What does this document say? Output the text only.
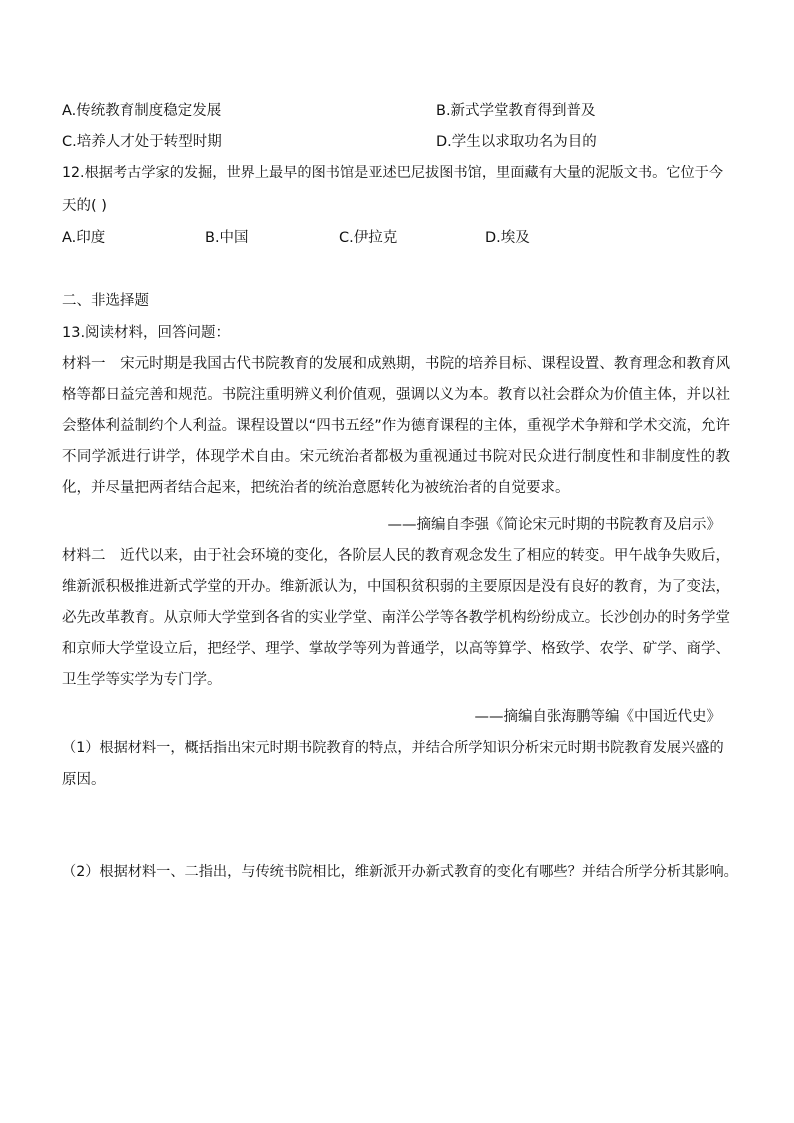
A.传统教育制度稳定发展	B.新式学堂教育得到普及
C.培养人才处于转型时期	D.学生以求取功名为目的
12.根据考古学家的发掘，世界上最早的图书馆是亚述巴尼拔图书馆，里面藏有大量的泥版文书。它位于今
天的( )
A.印度	B.中国	C.伊拉克	D.埃及
二、非选择题
13.阅读材料，回答问题：
材料一　宋元时期是我国古代书院教育的发展和成熟期，书院的培养目标、课程设置、教育理念和教育风格等都日益完善和规范。书院注重明辨义利价值观，强调以义为本。教育以社会群众为价值主体，并以社会整体利益制约个人利益。课程设置以“四书五经”作为德育课程的主体，重视学术争辩和学术交流，允许不同学派进行讲学，体现学术自由。宋元统治者都极为重视通过书院对民众进行制度性和非制度性的教化，并尽量把两者结合起来，把统治者的统治意愿转化为被统治者的自觉要求。
——摘编自李强《简论宋元时期的书院教育及启示》
材料二　近代以来，由于社会环境的变化，各阶层人民的教育观念发生了相应的转变。甲午战争失败后，维新派积极推进新式学堂的开办。维新派认为，中国积贫积弱的主要原因是没有良好的教育，为了变法，必先改革教育。从京师大学堂到各省的实业学堂、南洋公学等各教学机构纷纷成立。长沙创办的时务学堂和京师大学堂设立后，把经学、理学、掌故学等列为普通学，以高等算学、格致学、农学、矿学、商学、卫生学等实学为专门学。
——摘编自张海鹏等编《中国近代史》
（1）根据材料一，概括指出宋元时期书院教育的特点，并结合所学知识分析宋元时期书院教育发展兴盛的
原因。
（2）根据材料一、二指出，与传统书院相比，维新派开办新式教育的变化有哪些？并结合所学分析其影响。
